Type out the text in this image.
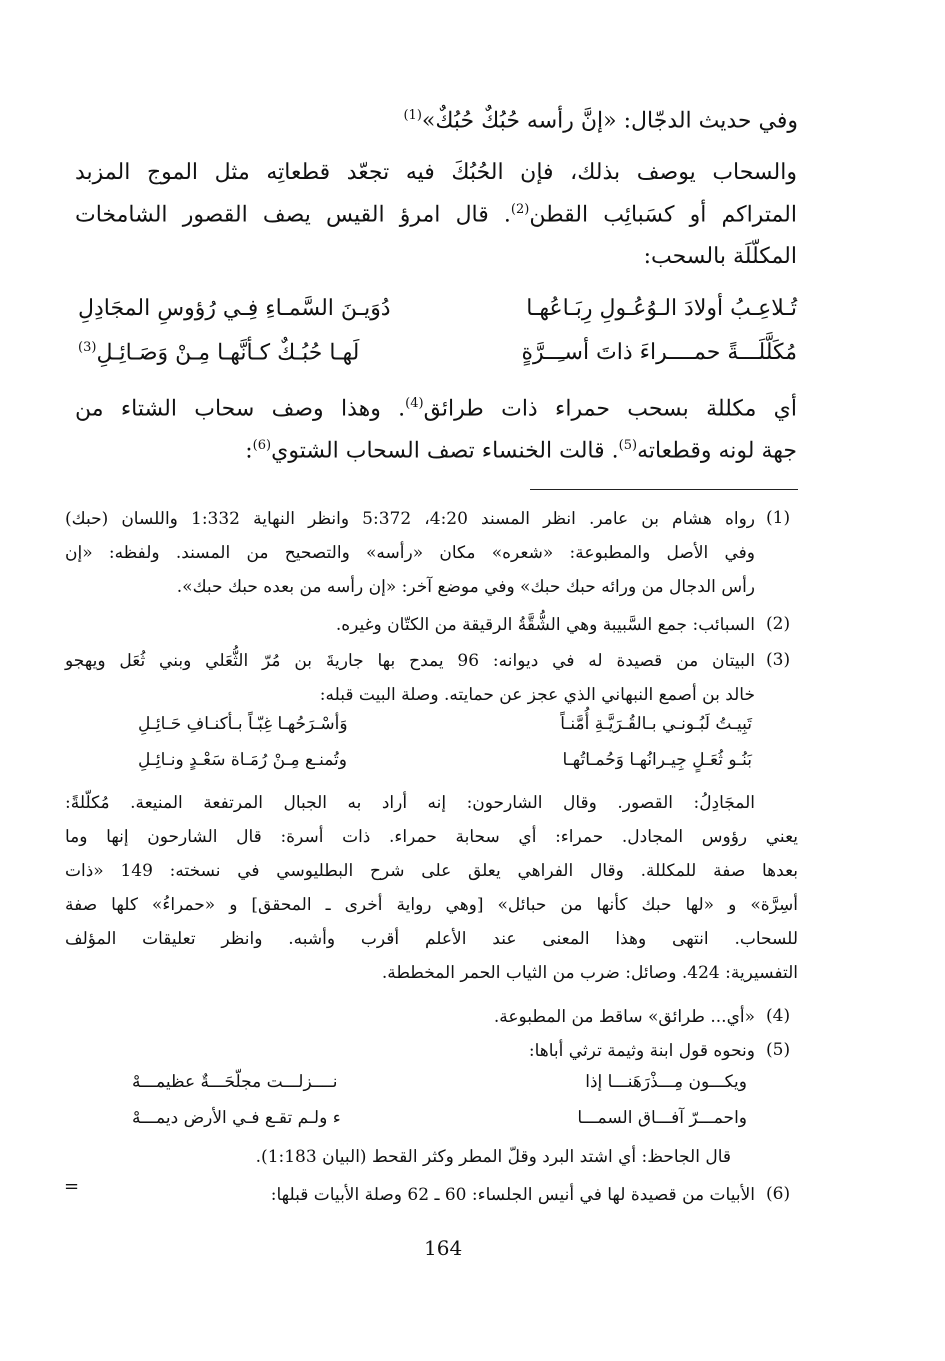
وفي حديث الدجّال: «إنَّ رأسه حُبُكٌ حُبُكٌ»$^{(1)}$
والسحاب يوصف بذلك، فإن الحُبُكَ فيه تجعّد قطعاتِه مثل الموج المزبد
المتراكم أو كسَبائِب القطن$^{(2)}$. قال امرؤ القيس يصف القصور الشامخات
المكلّلَة بالسحب:
تُـلاعِـبُ أولادَ الـوُعُـولِ رِبَـاعُهـا
دُوَيـنَ السَّمـاءِ فِـي رُؤوسِ المجَادِلِ
مُكَلَّلَـــةً حمــــراءَ ذاتَ أسـِــرَّةٍ
لَهـا حُبُـكٌ كـأنَّهـا مِـنْ وَصَـائِـلِ$^{(3)}$
أي مكللة بسحب حمراء ذات طرائق$^{(4)}$. وهذا وصف سحاب الشتاء من
جهة لونه وقطعاته$^{(5)}$. قالت الخنساء تصف السحاب الشتوي$^{(6)}$:
(1)
رواه هشام بن عامر. انظر المسند 4:20، 5:372 وانظر النهاية 1:332 واللسان (حبك)
وفي الأصل والمطبوعة: «شعره» مكان «رأسه» والتصحيح من المسند. ولفظه: «إن
رأس الدجال من ورائه حبك حبك» وفي موضع آخر: «إن رأسه من بعده حبك حبك».
(2)
السبائب: جمع السَّبيبة وهي الشُّقَّةُ الرقيقة من الكتّان وغيره.
(3)
البيتان من قصيدة له في ديوانه: 96 يمدح بها جاريةَ بن مُرّ الثُّعَلي وبني ثُعَل ويهجو
خالد بن أصمع النبهاني الذي عجز عن حمايته. وصلة البيت قبله:
تَبِيـتُ لَبُـونـي بـالقُـرَيَّـةِ أُمَّنـاً
وَأسْـرَحُهـا غِبّـاً بـأكنـافِ حَـائِـلِ
بَنُـو ثُعَـلٍ جِيـرانُهـا وَحُمـاتُهـا
وتُمنـع مِـنْ رُمَـاة سَعْـدٍ ونـائِـلِ
المجَادِلُ: القصور. وقال الشارحون: إنه أراد به الجبال المرتفعة المنيعة. مُكلّلةً:
يعني رؤوس المجادل. حمراء: أي سحابة حمراء. ذات أسرة: قال الشارحون إنها وما
بعدها صفة للمكللة. وقال الفراهي يعلق على شرح البطليوسي في نسخته: 149 «ذات
أسِرَّة» و «لها حبك كأنها من حبائل» [وهي رواية أخرى ـ المحقق] و «حمراءُ» كلها صفة
للسحاب. انتهى وهذا المعنى عند الأعلم أقرب وأشبه. وانظر تعليقات المؤلف
التفسيرية: 424. وصائل: ضرب من الثياب الحمر المخططة.
(4)
«أي... طرائق» ساقط من المطبوعة.
(5)
ونحوه قول ابنة وثيمة ترثي أباها:
ويكـــون مِـــذْرَهَنـــا إذا
نــــزلـــت مجلّحَـــةٌ عظيمـــهْ
واحمـــرّ آفـــاق السمـــا
ء ولـم تقـع فـي الأرض ديمـــهْ
قال الجاحظ: أي اشتد البرد وقلّ المطر وكثر القحط (البيان 1:183).
(6)
الأبيات من قصيدة لها في أنيس الجلساء: 60 ـ 62 وصلة الأبيات قبلها:
=
164
